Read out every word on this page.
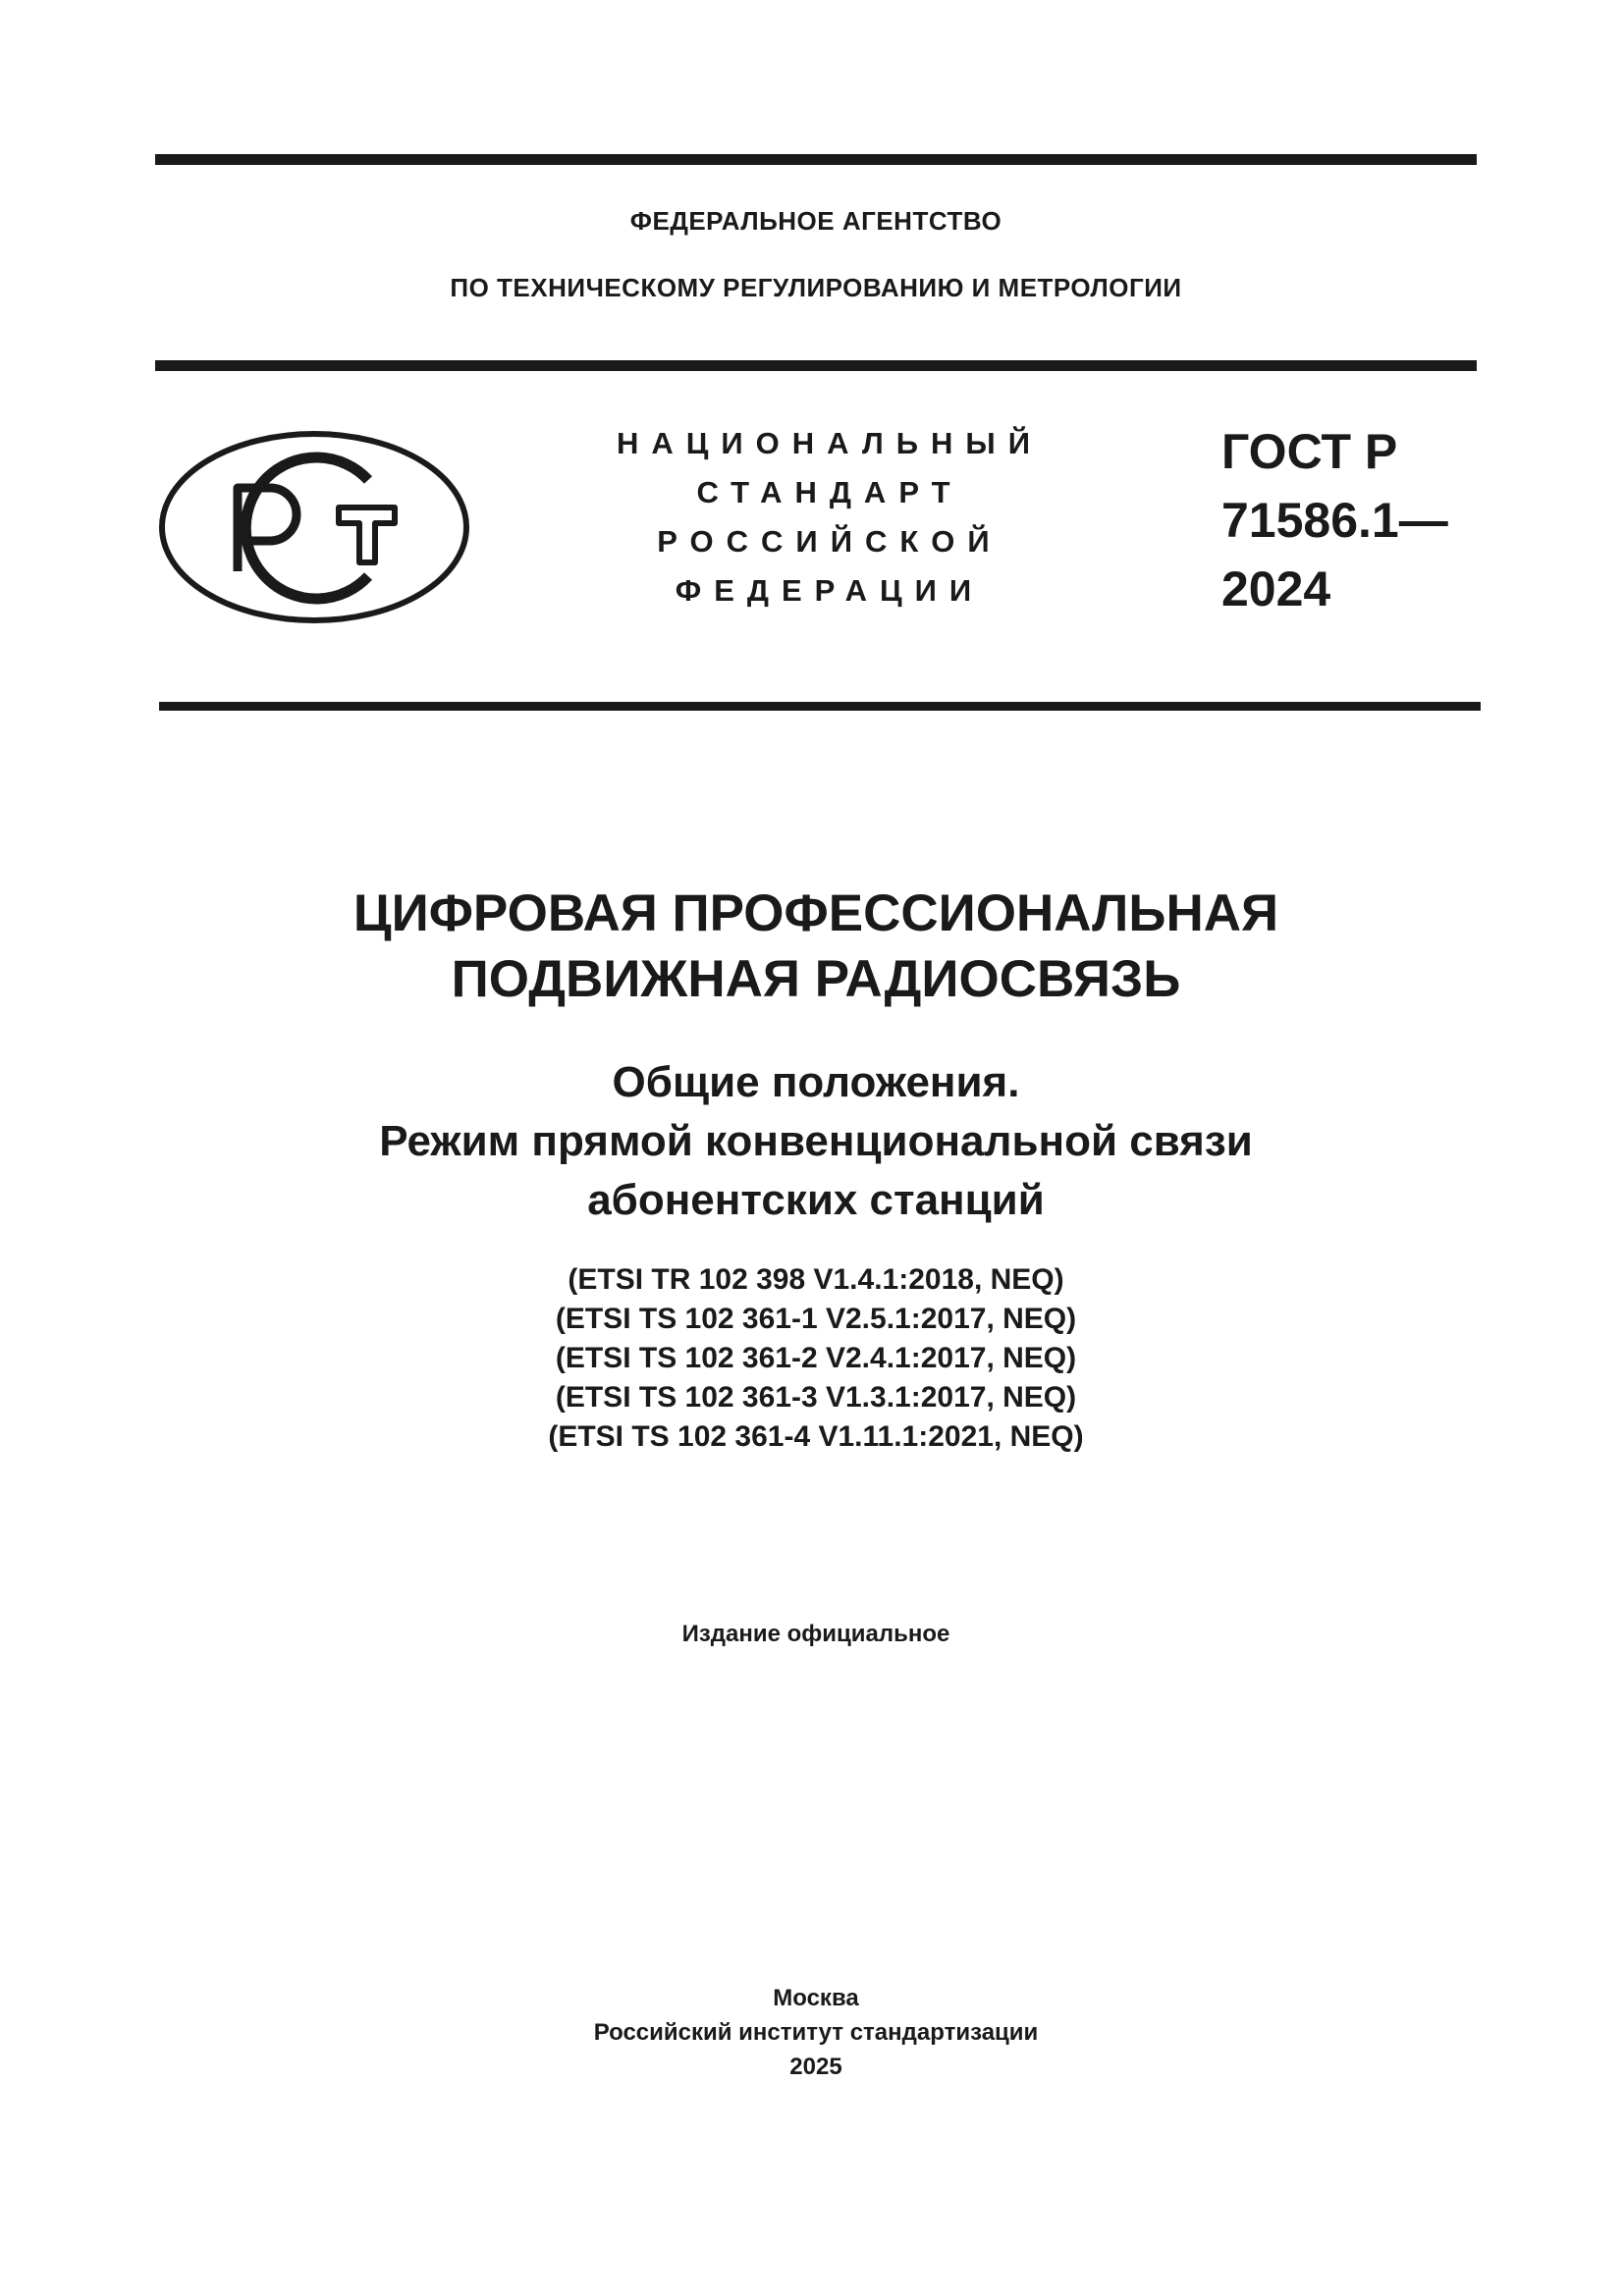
ФЕДЕРАЛЬНОЕ АГЕНТСТВО
ПО ТЕХНИЧЕСКОМУ РЕГУЛИРОВАНИЮ И МЕТРОЛОГИИ
НАЦИОНАЛЬНЫЙ
СТАНДАРТ
РОССИЙСКОЙ
ФЕДЕРАЦИИ
ГОСТ Р
71586.1—
2024
ЦИФРОВАЯ ПРОФЕССИОНАЛЬНАЯ
ПОДВИЖНАЯ РАДИОСВЯЗЬ
Общие положения.
Режим прямой конвенциональной связи
абонентских станций
(ETSI TR 102 398 V1.4.1:2018, NEQ)
(ETSI TS 102 361-1 V2.5.1:2017, NEQ)
(ETSI TS 102 361-2 V2.4.1:2017, NEQ)
(ETSI TS 102 361-3 V1.3.1:2017, NEQ)
(ETSI TS 102 361-4 V1.11.1:2021, NEQ)
Издание официальное
Москва
Российский институт стандартизации
2025
